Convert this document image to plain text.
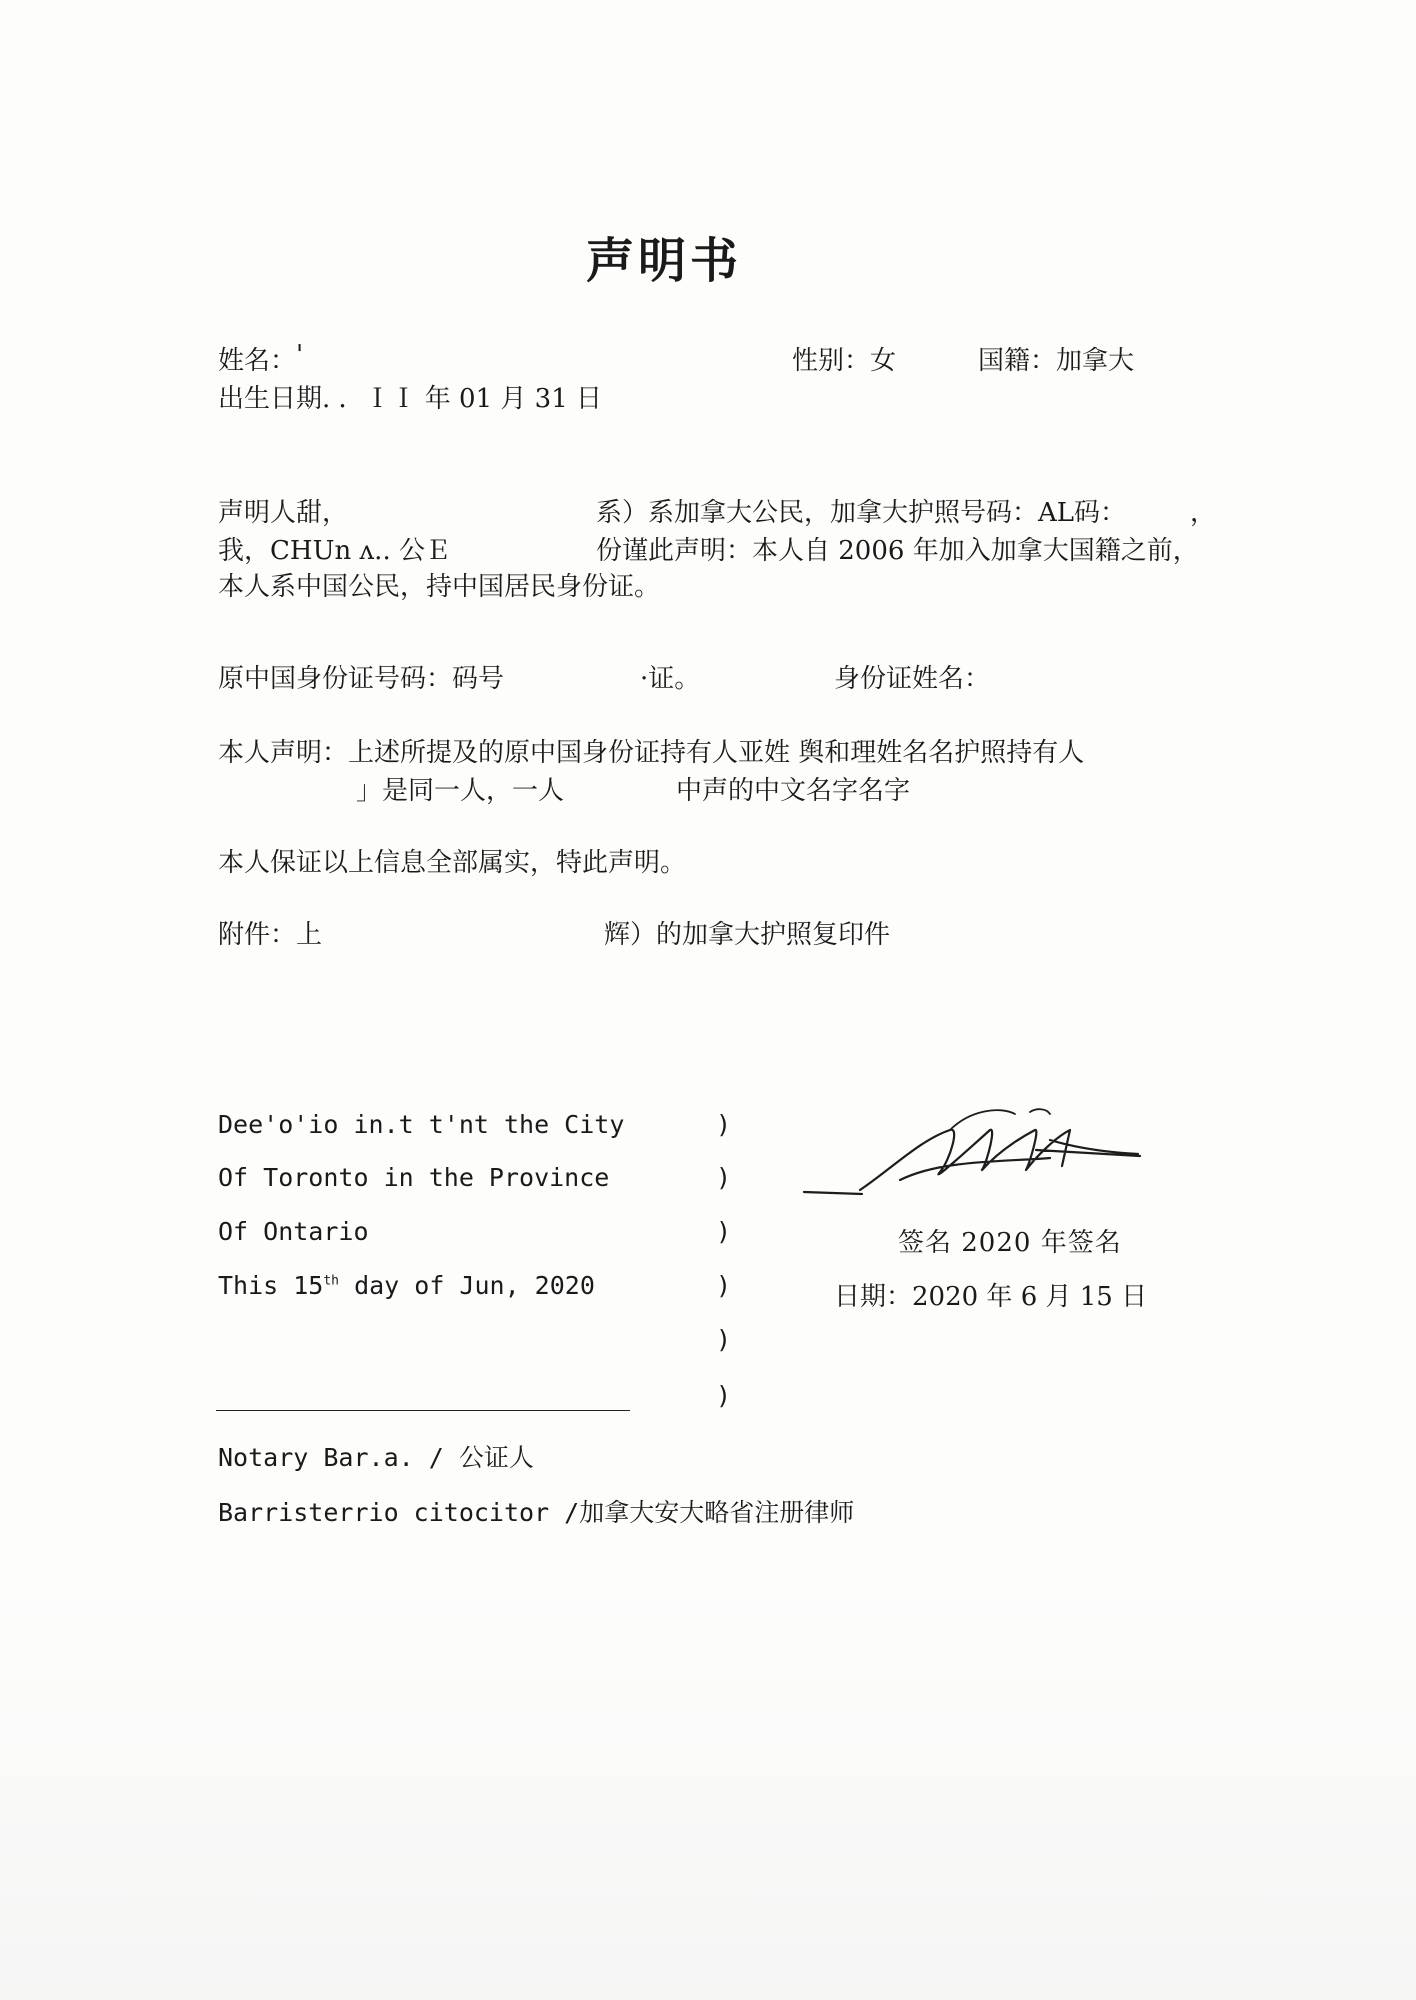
声明书
姓名： '	性别：女	国籍：加拿大
出生日期. ．ＩＩ 年 01 月 31 日
声明人甜，	系）系加拿大公民，加拿大护照号码：AL码： ，
我，CHUn ᴧ.. 公Ｅ	份谨此声明：本人自 2006 年加入加拿大国籍之前，
本人系中国公民，持中国居民身份证。
原中国身份证号码：码号	·证。	身份证姓名：
本人声明：上述所提及的原中国身份证持有人亚姓 舆和理姓名名护照持有人
」是同一人，一人	中声的中文名字名字
本人保证以上信息全部属实，特此声明。
附件：上	辉）的加拿大护照复印件
Dee'o'io in.t t'nt the City
Of Toronto in the Province
Of Ontario
This 15th day of Jun, 2020
)
)
)
)
)
)
Notary Bar.a. / 公证人
Barristerrio citocitor /加拿大安大略省注册律师
签名 2020 年签名
日期：2020 年 6 月 15 日
